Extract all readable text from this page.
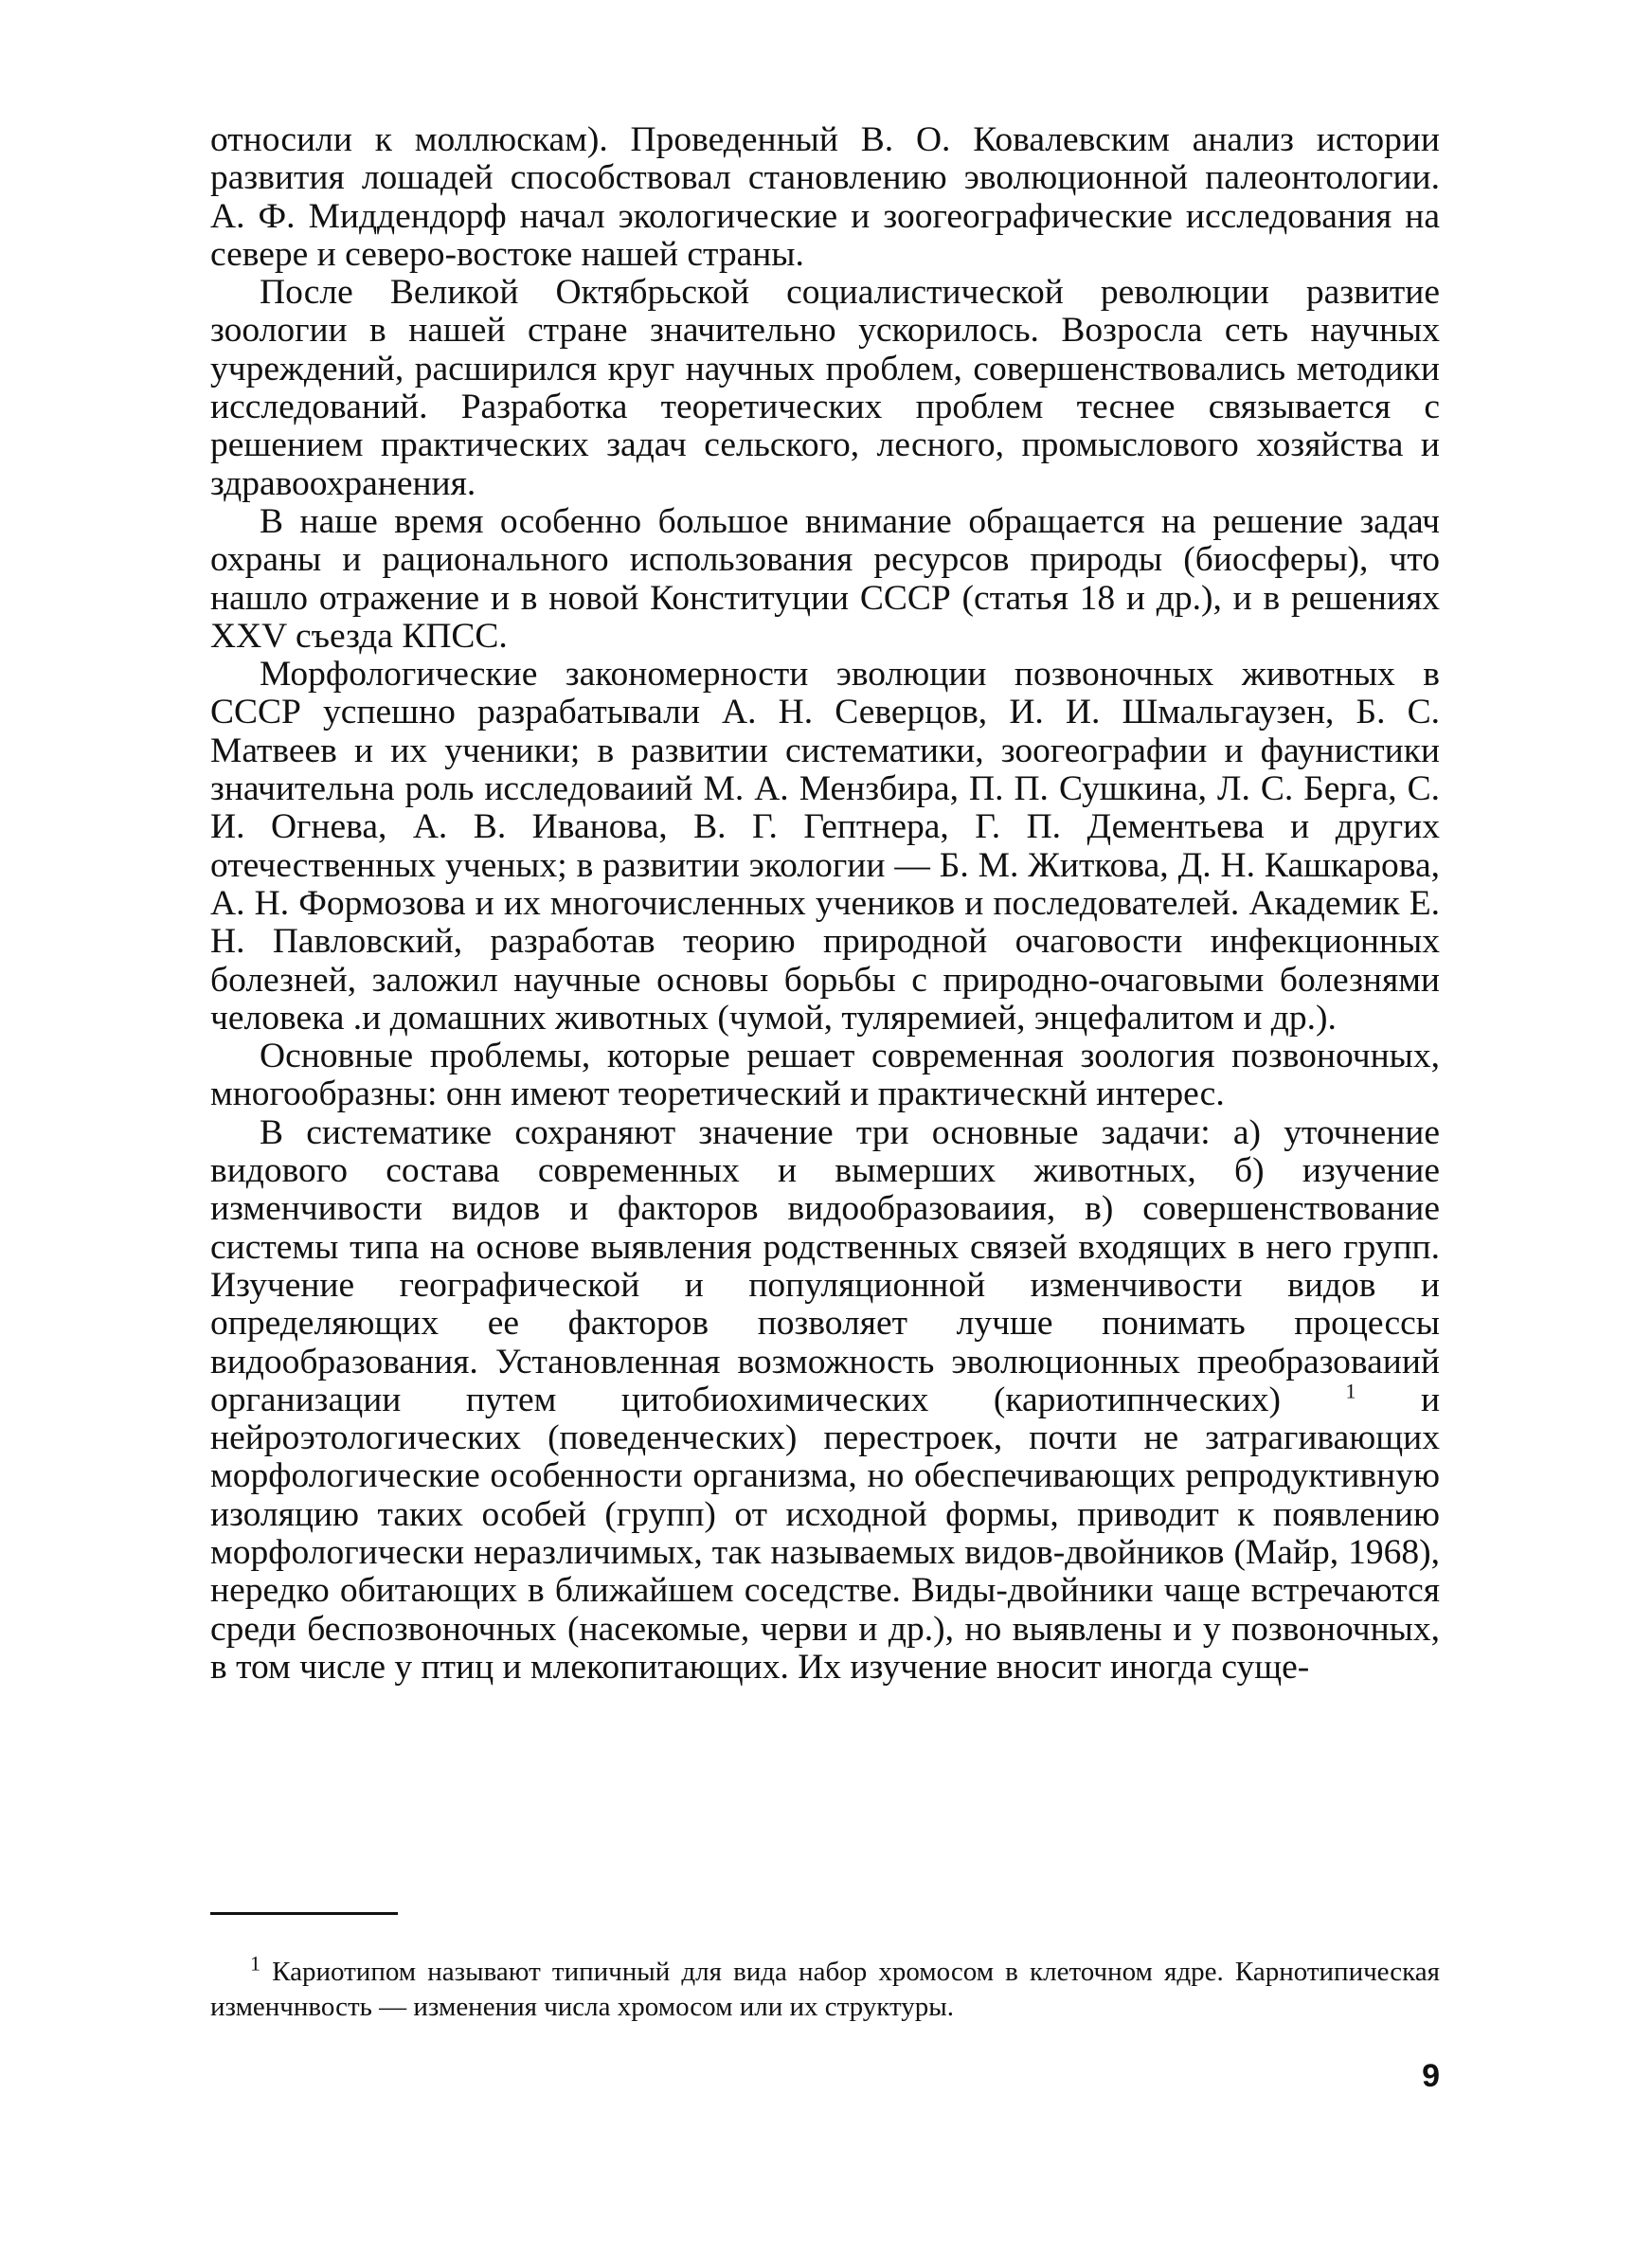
относили к моллюскам). Проведенный В. О. Ковалевским анализ истории развития лошадей способствовал становлению эволюционной палеонтологии. А. Ф. Миддендорф начал экологические и зоогеографические исследования на севере и северо-востоке нашей страны.

После Великой Октябрьской социалистической революции развитие зоологии в нашей стране значительно ускорилось. Возросла сеть научных учреждений, расширился круг научных проблем, совершенствовались методики исследований. Разработка теоретических проблем теснее связывается с решением практических задач сельского, лесного, промыслового хозяйства и здравоохранения.

В наше время особенно большое внимание обращается на решение задач охраны и рационального использования ресурсов природы (биосферы), что нашло отражение и в новой Конституции СССР (статья 18 и др.), и в решениях XXV съезда КПСС.

Морфологические закономерности эволюции позвоночных животных в СССР успешно разрабатывали А. Н. Северцов, И. И. Шмальгаузен, Б. С. Матвеев и их ученики; в развитии систематики, зоогеографии и фаунистики значительна роль исследоваиий М. А. Мензбира, П. П. Сушкина, Л. С. Берга, С. И. Огнева, А. В. Иванова, В. Г. Гептнера, Г. П. Дементьева и других отечественных ученых; в развитии экологии — Б. М. Житкова, Д. Н. Кашкарова, А. Н. Формозова и их многочисленных учеников и последователей. Академик Е. Н. Павловский, разработав теорию природной очаговости инфекционных болезней, заложил научные основы борьбы с природно-очаговыми болезнями человека .и домашних животных (чумой, туляремией, энцефалитом и др.).

Основные проблемы, которые решает современная зоология позвоночных, многообразны: онн имеют теоретический и практическнй интерес.

В систематике сохраняют значение три основные задачи: а) уточнение видового состава современных и вымерших животных, б) изучение изменчивости видов и факторов видообразоваиия, в) совершенствование системы типа на основе выявления родственных связей входящих в него групп. Изучение географической и популяционной изменчивости видов и определяющих ее факторов позволяет лучше понимать процессы видообразования. Установленная возможность эволюционных преобразоваиий организации путем цитобиохимических (кариотипнческих)	$^1$ и нейроэтологических (поведенческих) перестроек, почти не затрагивающих морфологические особенности организма, но обеспечивающих репродуктивную изоляцию таких особей (групп) от исходной формы, приводит к появлению морфологически неразличимых, так называемых видов-двойников (Майр, 1968), нередко обитающих в ближайшем соседстве. Виды-двойники чаще встречаются среди беспозвоночных (насекомые, черви и др.), но выявлены и у позвоночных, в том числе у птиц и млекопитающих. Их изучение вносит иногда суще-

$^1$ Кариотипом называют типичный для вида набор хромосом в клеточном ядре. Карнотипическая изменчнвость — изменения числа хромосом или их структуры.
9
